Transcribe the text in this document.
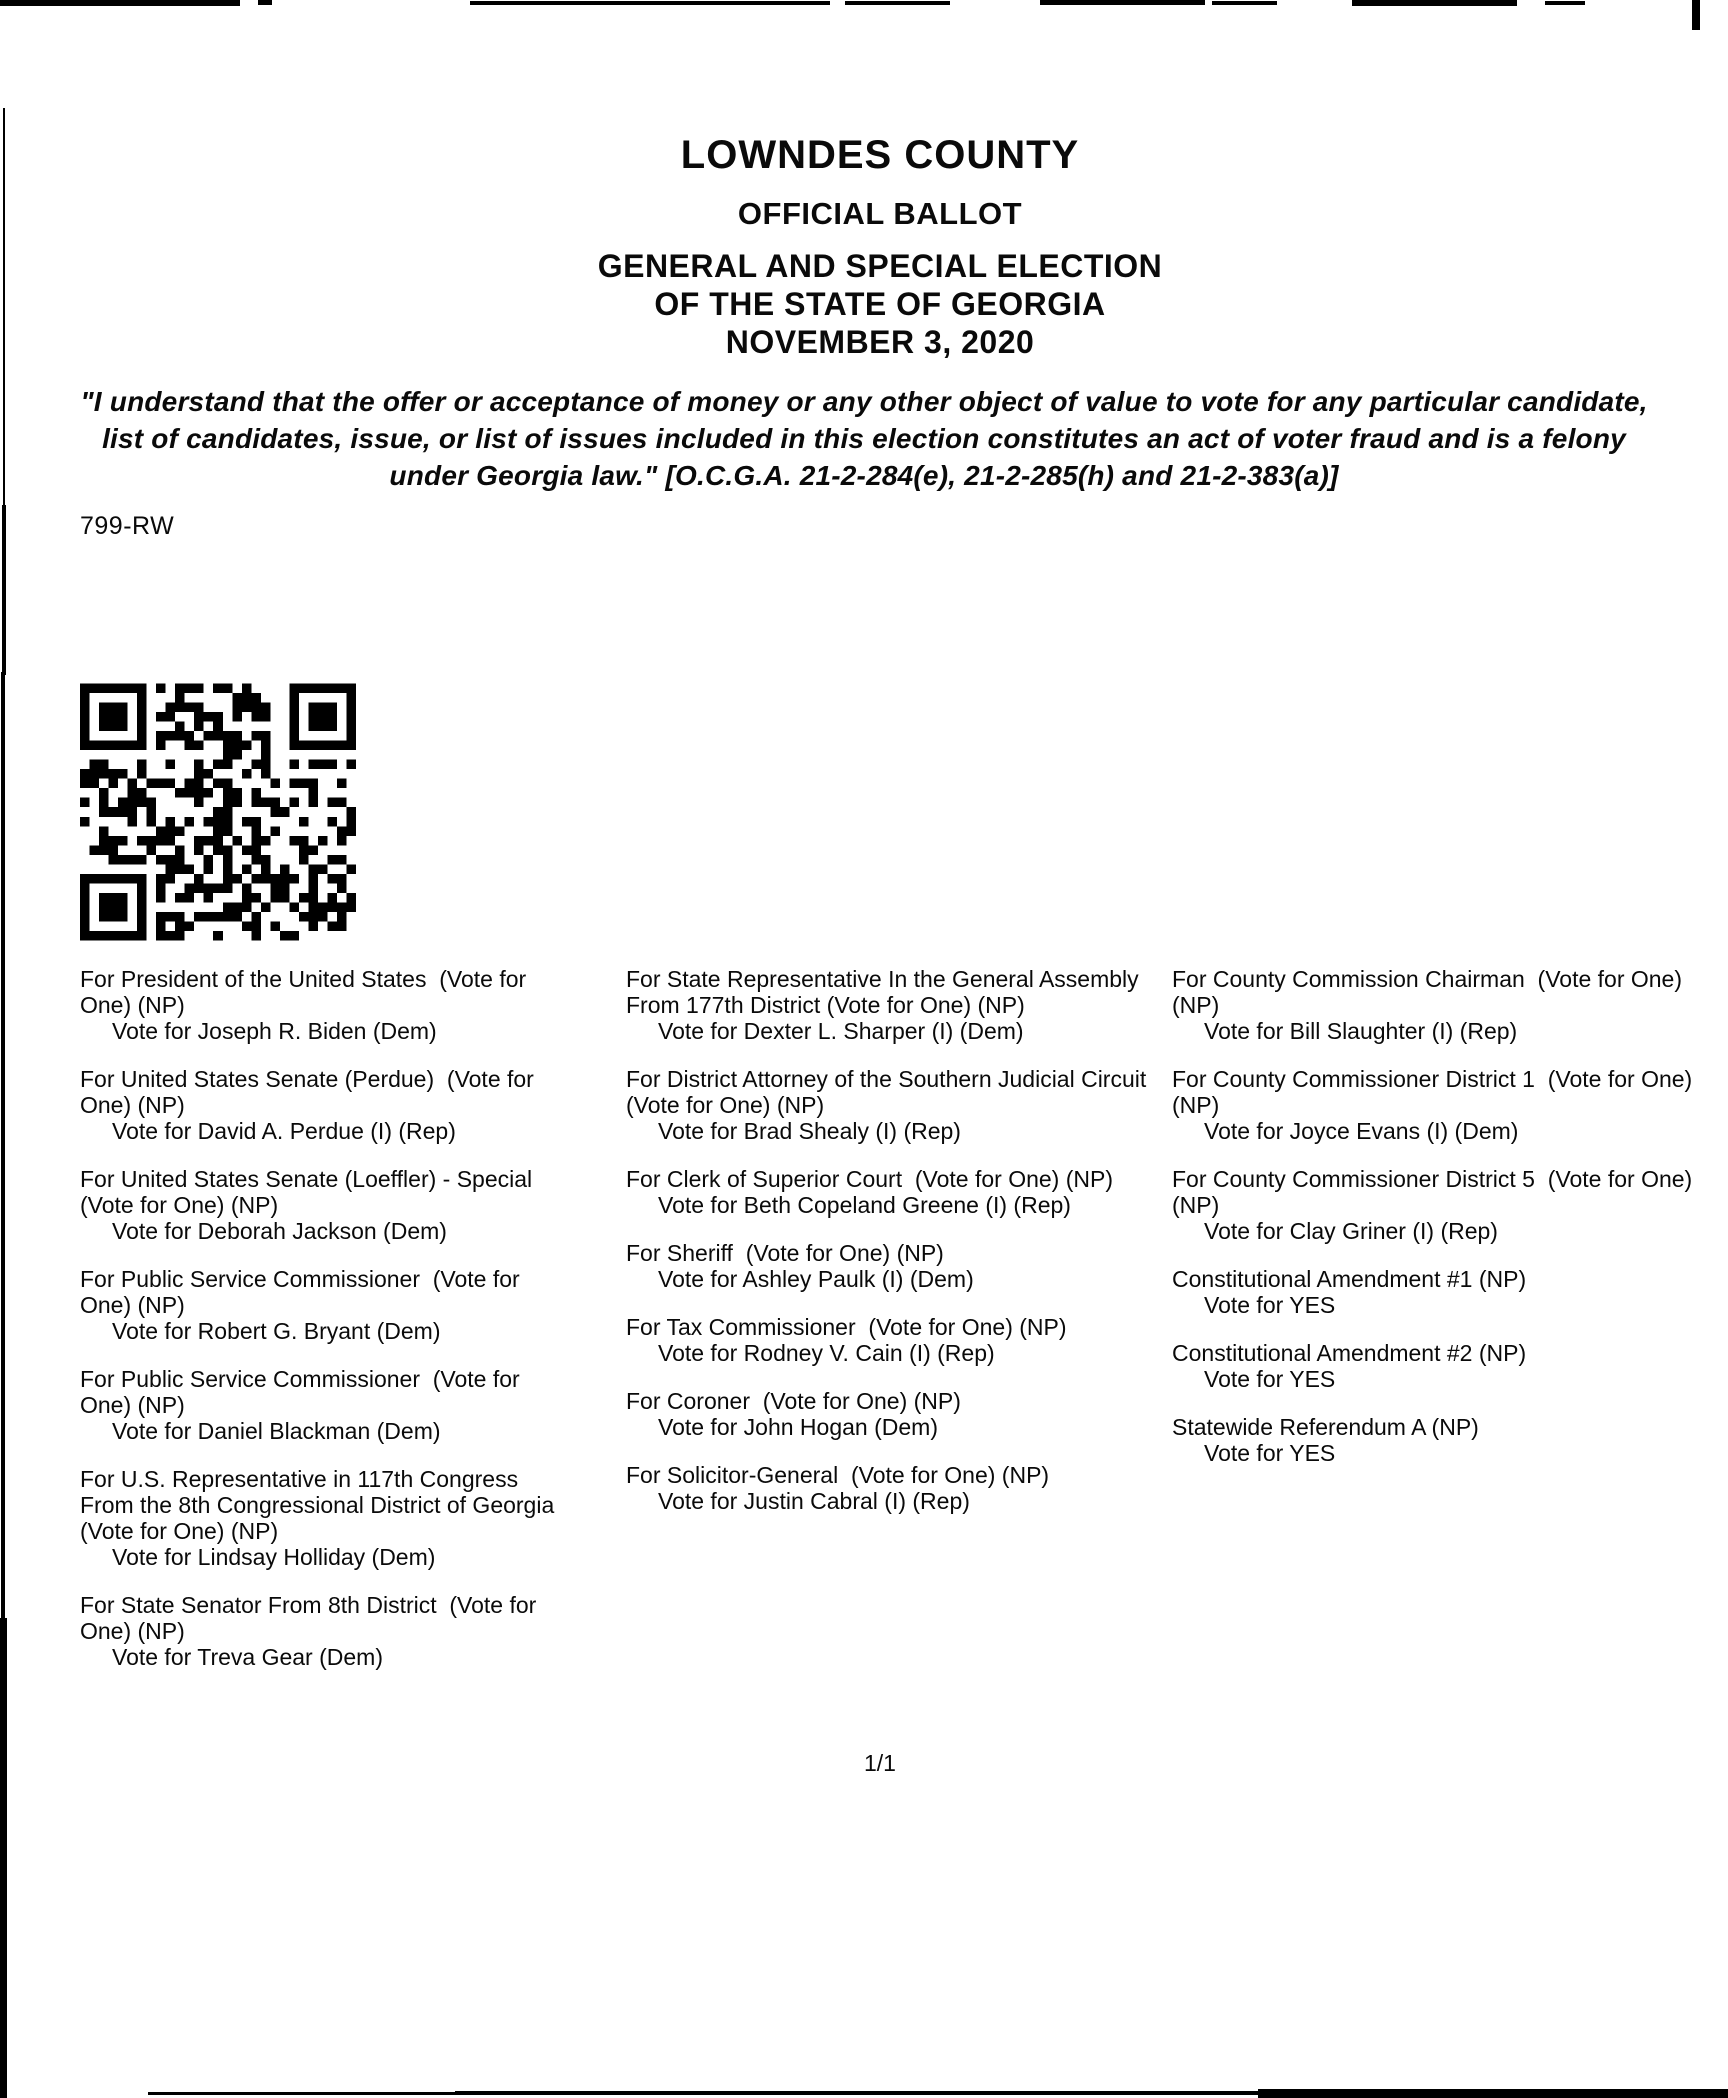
LOWNDES COUNTY
OFFICIAL BALLOT
GENERAL AND SPECIAL ELECTION
OF THE STATE OF GEORGIA
NOVEMBER 3, 2020

"I understand that the offer or acceptance of money or any other object of value to vote for any particular candidate, list of candidates, issue, or list of issues included in this election constitutes an act of voter fraud and is a felony under Georgia law." [O.C.G.A. 21-2-284(e), 21-2-285(h) and 21-2-383(a)]

799-RW
For President of the United States  (Vote for One) (NP)
Vote for Joseph R. Biden (Dem)
For United States Senate (Perdue)  (Vote for One) (NP)
Vote for David A. Perdue (I) (Rep)
For United States Senate (Loeffler) - Special  (Vote for One) (NP)
Vote for Deborah Jackson (Dem)
For Public Service Commissioner  (Vote for One) (NP)
Vote for Robert G. Bryant (Dem)
For Public Service Commissioner  (Vote for One) (NP)
Vote for Daniel Blackman (Dem)
For U.S. Representative in 117th Congress From the 8th Congressional District of Georgia (Vote for One) (NP)
Vote for Lindsay Holliday (Dem)
For State Senator From 8th District  (Vote for One) (NP)
Vote for Treva Gear (Dem)
For State Representative In the General Assembly From 177th District (Vote for One) (NP)
Vote for Dexter L. Sharper (I) (Dem)
For District Attorney of the Southern Judicial Circuit  (Vote for One) (NP)
Vote for Brad Shealy (I) (Rep)
For Clerk of Superior Court  (Vote for One) (NP)
Vote for Beth Copeland Greene (I) (Rep)
For Sheriff  (Vote for One) (NP)
Vote for Ashley Paulk (I) (Dem)
For Tax Commissioner  (Vote for One) (NP)
Vote for Rodney V. Cain (I) (Rep)
For Coroner  (Vote for One) (NP)
Vote for John Hogan (Dem)
For Solicitor-General  (Vote for One) (NP)
Vote for Justin Cabral (I) (Rep)
For County Commission Chairman  (Vote for One) (NP)
Vote for Bill Slaughter (I) (Rep)
For County Commissioner District 1  (Vote for One) (NP)
Vote for Joyce Evans (I) (Dem)
For County Commissioner District 5  (Vote for One) (NP)
Vote for Clay Griner (I) (Rep)
Constitutional Amendment #1 (NP)
Vote for YES
Constitutional Amendment #2 (NP)
Vote for YES
Statewide Referendum A (NP)
Vote for YES
1/1
